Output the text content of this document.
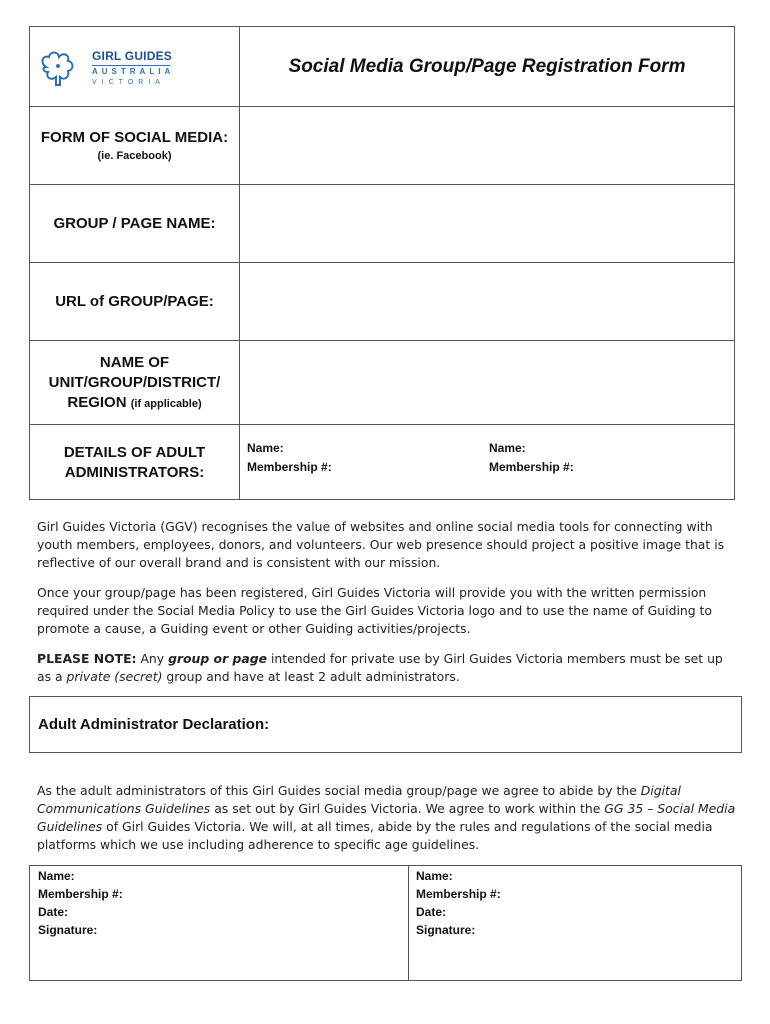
GIRL GUIDES
AUSTRALIA
VICTORIA
Social Media Group/Page Registration Form
FORM OF SOCIAL MEDIA:
(ie. Facebook)
GROUP / PAGE NAME:
URL of GROUP/PAGE:
NAME OF
UNIT/GROUP/DISTRICT/
REGION (if applicable)
DETAILS OF ADULT
ADMINISTRATORS:
Name:
Membership #:
Name:
Membership #:
Girl Guides Victoria (GGV) recognises the value of websites and online social media tools for connecting with youth members, employees, donors, and volunteers. Our web presence should project a positive image that is reflective of our overall brand and is consistent with our mission.
Once your group/page has been registered, Girl Guides Victoria will provide you with the written permission required under the Social Media Policy to use the Girl Guides Victoria logo and to use the name of Guiding to promote a cause, a Guiding event or other Guiding activities/projects.
PLEASE NOTE: Any group or page intended for private use by Girl Guides Victoria members must be set up as a private (secret) group and have at least 2 adult administrators.
Adult Administrator Declaration:
As the adult administrators of this Girl Guides social media group/page we agree to abide by the Digital Communications Guidelines as set out by Girl Guides Victoria. We agree to work within the GG 35 – Social Media Guidelines of Girl Guides Victoria. We will, at all times, abide by the rules and regulations of the social media platforms which we use including adherence to specific age guidelines.
Name:
Membership #:
Date:
Signature:
Name:
Membership #:
Date:
Signature:
